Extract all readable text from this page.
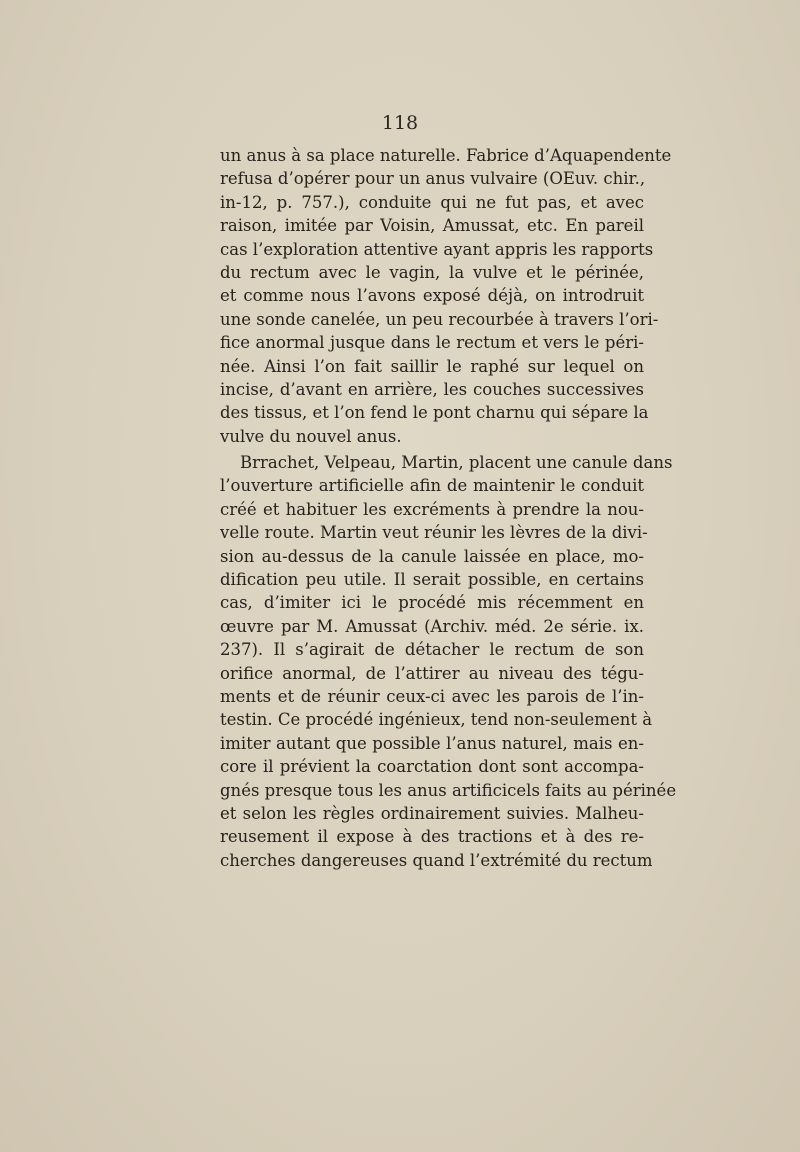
118
un anus à sa place naturelle. Fabrice d’Aquapendente
refusa d’opérer pour un anus vulvaire (OEuv. chir.,
in-12, p. 757.), conduite qui ne fut pas, et avec
raison, imitée par Voisin, Amussat, etc. En pareil
cas l’exploration attentive ayant appris les rapports
du rectum avec le vagin, la vulve et le périnée,
et comme nous l’avons exposé déjà, on introdruit
une sonde canelée, un peu recourbée à travers l’ori-
fice anormal jusque dans le rectum et vers le péri-
née. Ainsi l’on fait saillir le raphé sur lequel on
incise, d’avant en arrière, les couches successives
des tissus, et l’on fend le pont charnu qui sépare la
vulve du nouvel anus.
Brrachet, Velpeau, Martin, placent une canule dans
l’ouverture artificielle afin de maintenir le conduit
créé et habituer les excréments à prendre la nou-
velle route. Martin veut réunir les lèvres de la divi-
sion au-dessus de la canule laissée en place, mo-
dification peu utile. Il serait possible, en certains
cas, d’imiter ici le procédé mis récemment en
œuvre par M. Amussat (Archiv. méd. 2e série. ix.
237). Il s’agirait de détacher le rectum de son
orifice anormal, de l’attirer au niveau des tégu-
ments et de réunir ceux-ci avec les parois de l’in-
testin. Ce procédé ingénieux, tend non-seulement à
imiter autant que possible l’anus naturel, mais en-
core il prévient la coarctation dont sont accompa-
gnés presque tous les anus artificicels faits au périnée
et selon les règles ordinairement suivies. Malheu-
reusement il expose à des tractions et à des re-
cherches dangereuses quand l’extrémité du rectum
